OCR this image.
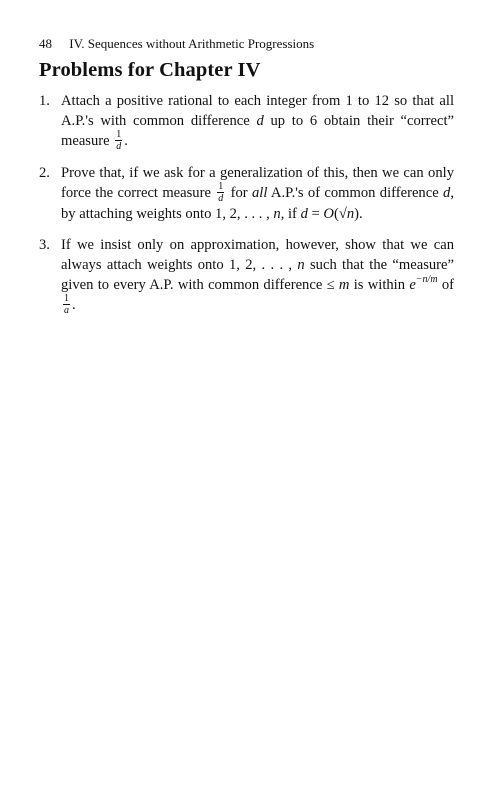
48 IV. Sequences without Arithmetic Progressions
Problems for Chapter IV
1. Attach a positive rational to each integer from 1 to 12 so that all A.P.'s with common difference d up to 6 obtain their “correct” measure $\frac{1}{d}$ .
2. Prove that, if we ask for a generalization of this, then we can only force the correct measure $\frac{1}{d}$ for all A.P.'s of common difference d, by attaching weights onto 1, 2, . . . , n, if d = O(√n).
3. If we insist only on approximation, however, show that we can always attach weights onto 1, 2, . . . , n such that the “measure” given to every A.P. with common difference ≤ m is within $e^{-n/m}$ of
$\frac{1}{a}$ .
